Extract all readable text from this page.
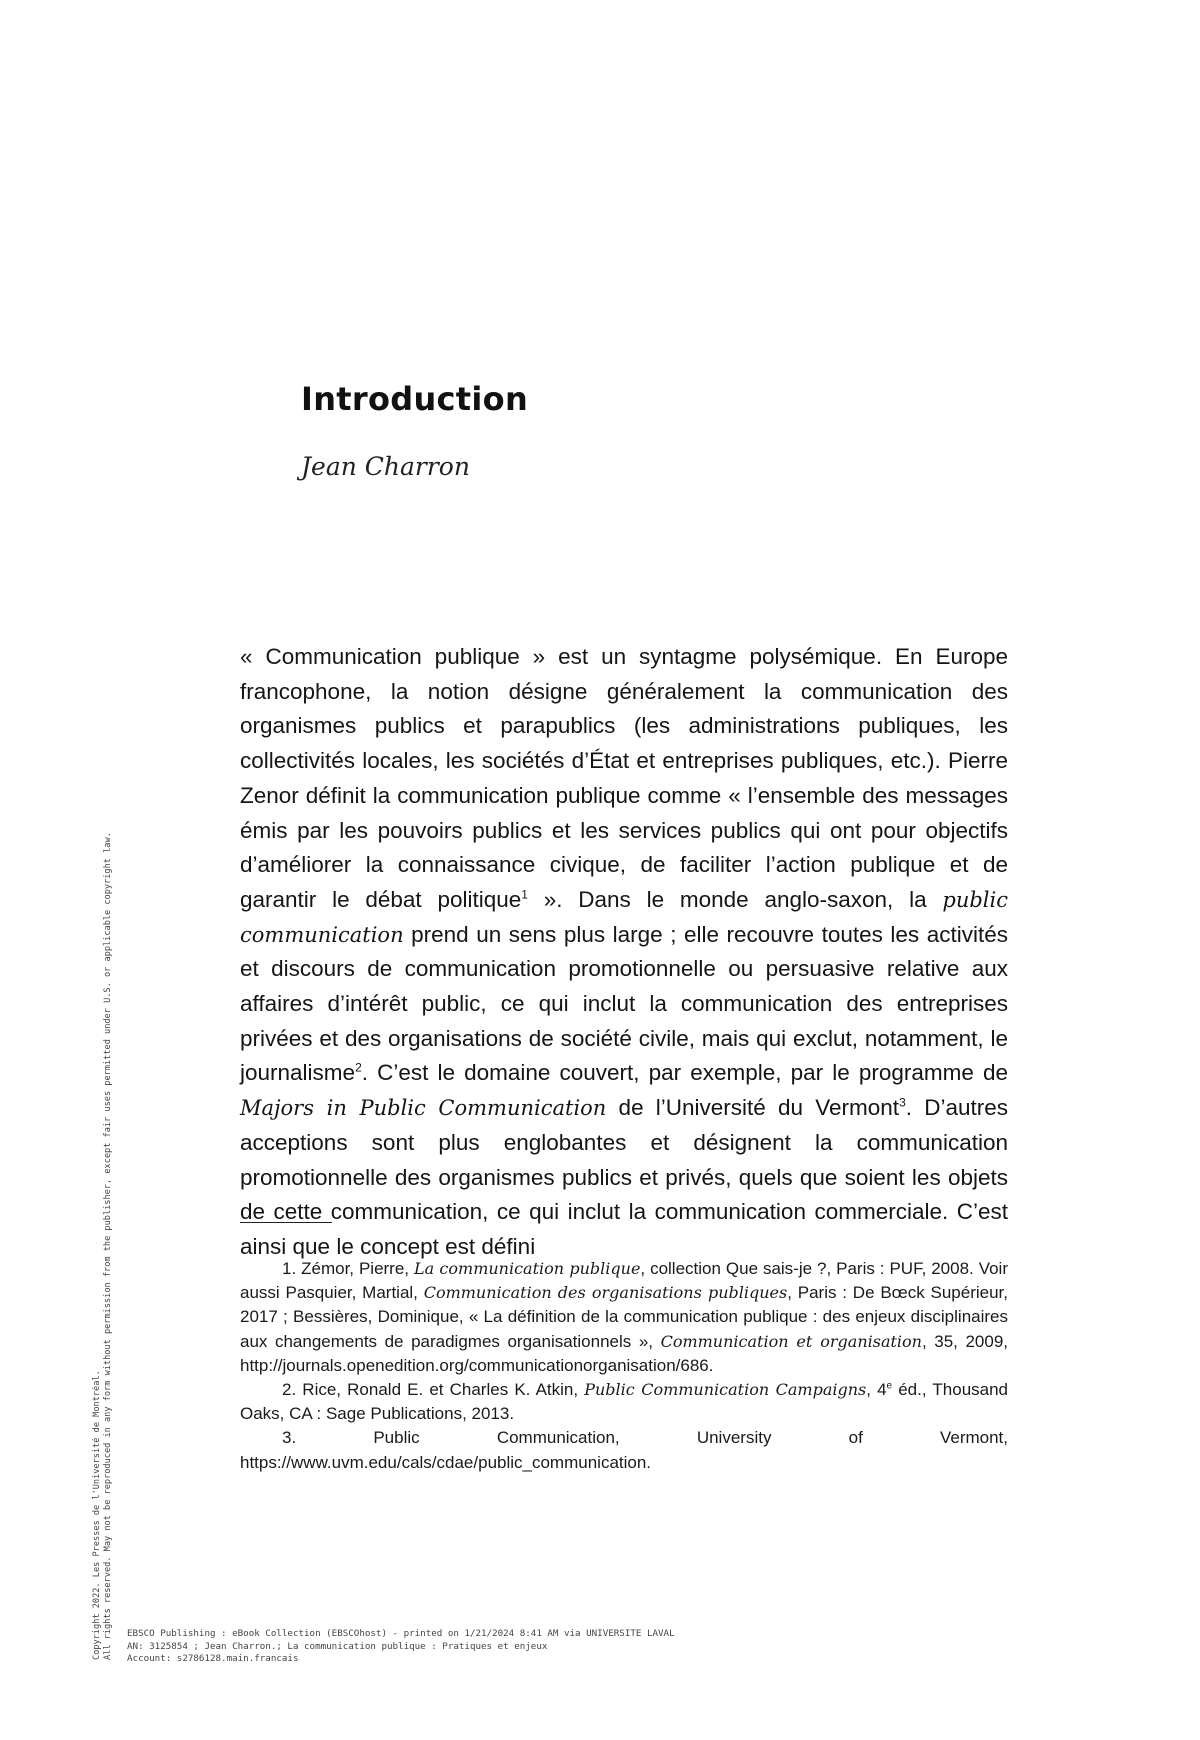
Introduction
Jean Charron

« Communication publique » est un syntagme polysémique. En Europe francophone, la notion désigne généralement la communication des organismes publics et parapublics (les administrations publiques, les collectivités locales, les sociétés d’État et entreprises publiques, etc.). Pierre Zenor définit la communication publique comme « l’ensemble des messages émis par les pouvoirs publics et les services publics qui ont pour objectifs d’améliorer la connaissance civique, de faciliter l’action publique et de garantir le débat politique$^1$ ». Dans le monde anglo-saxon, la public communication prend un sens plus large ; elle recouvre toutes les activités et discours de communication promotionnelle ou persuasive relative aux affaires d’intérêt public, ce qui inclut la communication des entreprises privées et des organisations de société civile, mais qui exclut, notamment, le journalisme$^2$. C’est le domaine couvert, par exemple, par le programme de Majors in Public Communication de l’Université du Vermont$^3$. D’autres acceptions sont plus englobantes et désignent la communication promotionnelle des organismes publics et privés, quels que soient les objets de cette communication, ce qui inclut la communication commerciale. C’est ainsi que le concept est défini

1. Zémor, Pierre, La communication publique, collection Que sais-je ?, Paris : PUF, 2008. Voir aussi Pasquier, Martial, Communication des organisations publiques, Paris : De Bœck Supérieur, 2017 ; Bessières, Dominique, « La définition de la communication publique : des enjeux disciplinaires aux changements de paradigmes organisationnels », Communication et organisation, 35, 2009, http://journals.openedition.org/communicationorganisation/686.

2. Rice, Ronald E. et Charles K. Atkin, Public Communication Campaigns, 4e éd., Thousand Oaks, CA : Sage Publications, 2013.

3. Public Communication, University of Vermont, https://www.uvm.edu/cals/cdae/public_communication.

Copyright 2022. Les Presses de l'Université de Montréal. All rights reserved. May not be reproduced in any form without permission from the publisher, except fair uses permitted under U.S. or applicable copyright law. EBSCO Publishing : eBook Collection (EBSCOhost) - printed on 1/21/2024 8:41 AM via UNIVERSITE LAVAL
AN: 3125854 ; Jean Charron.; La communication publique : Pratiques et enjeux
Account: s2786128.main.francais
